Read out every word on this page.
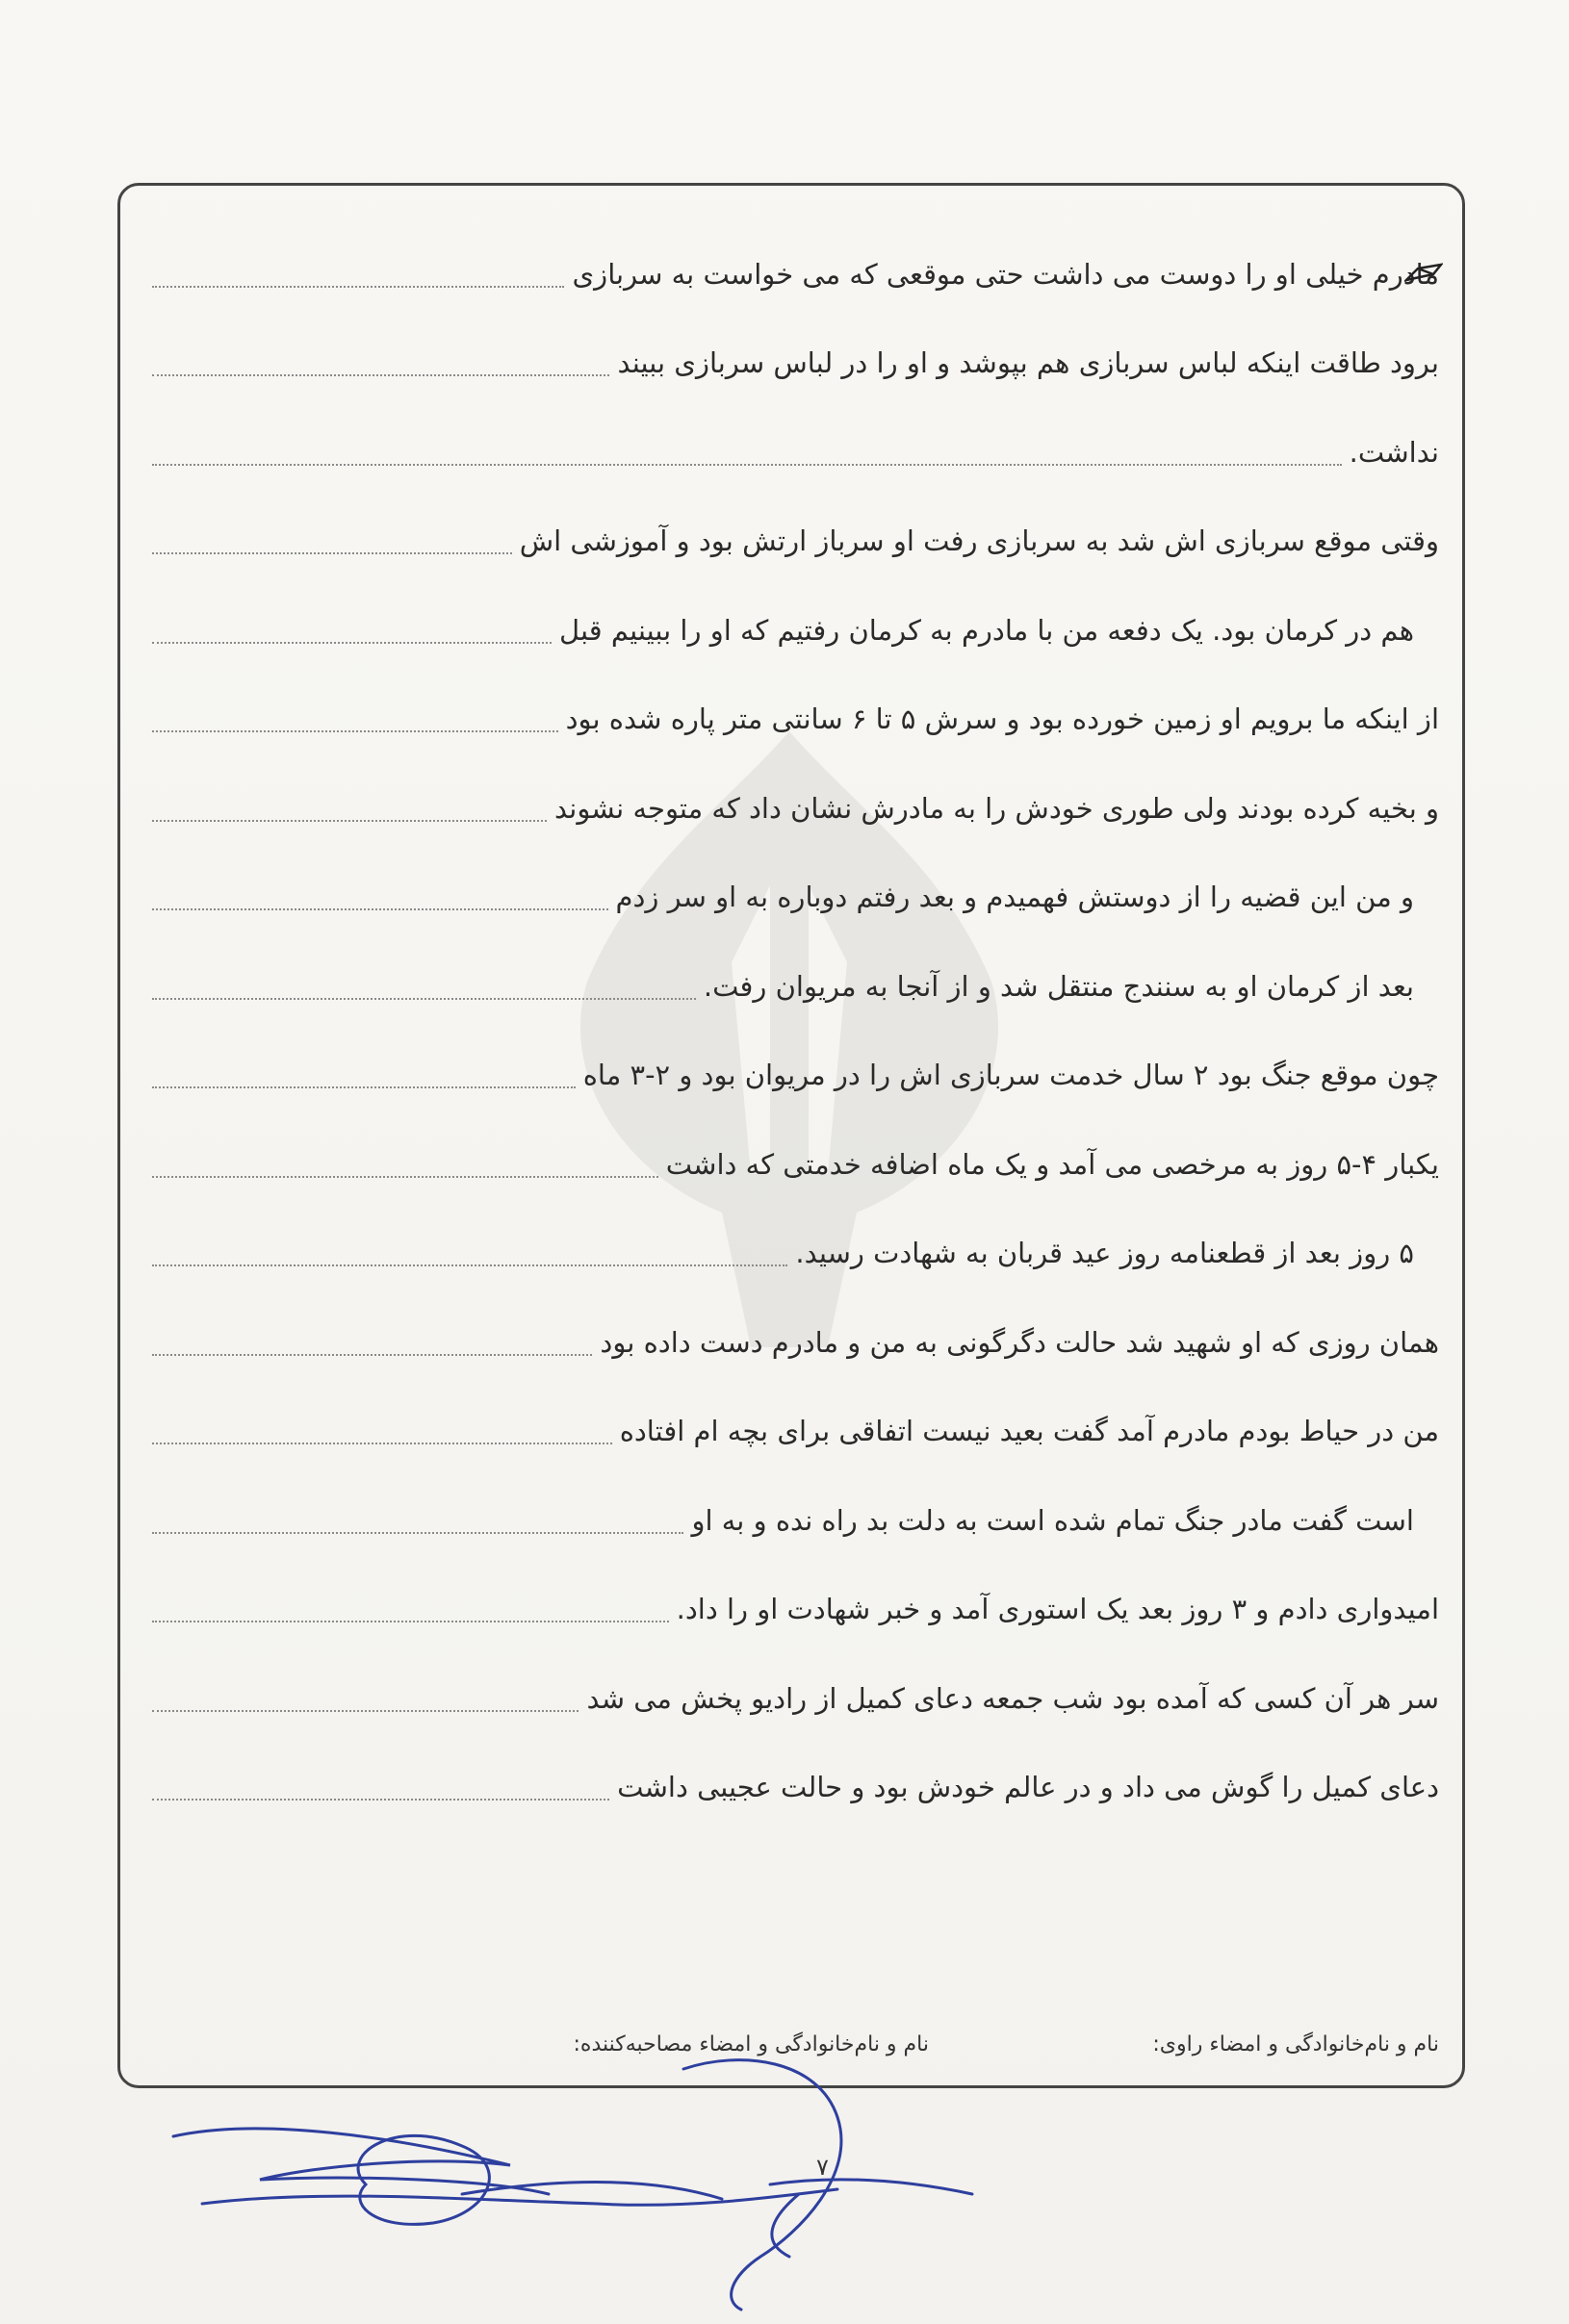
مادرم خیلی او را دوست می داشت حتی موقعی که می خواست به سربازی
برود طاقت اینکه لباس سربازی هم بپوشد و او را در لباس سربازی ببیند
نداشت.
وقتی موقع سربازی اش شد به سربازی رفت او سرباز ارتش بود و آموزشی اش
هم در کرمان بود. یک دفعه من با مادرم به کرمان رفتیم که او را ببینیم قبل
از اینکه ما برویم او زمین خورده بود و سرش ۵ تا ۶ سانتی متر پاره شده بود
و بخیه کرده بودند ولی طوری خودش را به مادرش نشان داد که متوجه نشوند
و من این قضیه را از دوستش فهمیدم و بعد رفتم دوباره به او سر زدم
بعد از کرمان او به سنندج منتقل شد و از آنجا به مریوان رفت.
چون موقع جنگ بود ۲ سال خدمت سربازی اش را در مریوان بود و ۲-۳ ماه
یکبار ۴-۵ روز به مرخصی می آمد و یک ماه اضافه خدمتی که داشت
۵ روز بعد از قطعنامه روز عید قربان به شهادت رسید.
همان روزی که او شهید شد حالت دگرگونی به من و مادرم دست داده بود
من در حیاط بودم مادرم آمد گفت بعید نیست اتفاقی برای بچه ام افتاده
است گفت مادر جنگ تمام شده است به دلت بد راه نده و به او
امیدواری دادم و ۳ روز بعد یک استوری آمد و خبر شهادت او را داد.
سر هر آن کسی که آمده بود شب جمعه دعای کمیل از رادیو پخش می شد
دعای کمیل را گوش می داد و در عالم خودش بود و حالت عجیبی داشت
نام و نام‌خانوادگی و امضاء راوی:
نام و نام‌خانوادگی و امضاء مصاحبه‌کننده:
۷
